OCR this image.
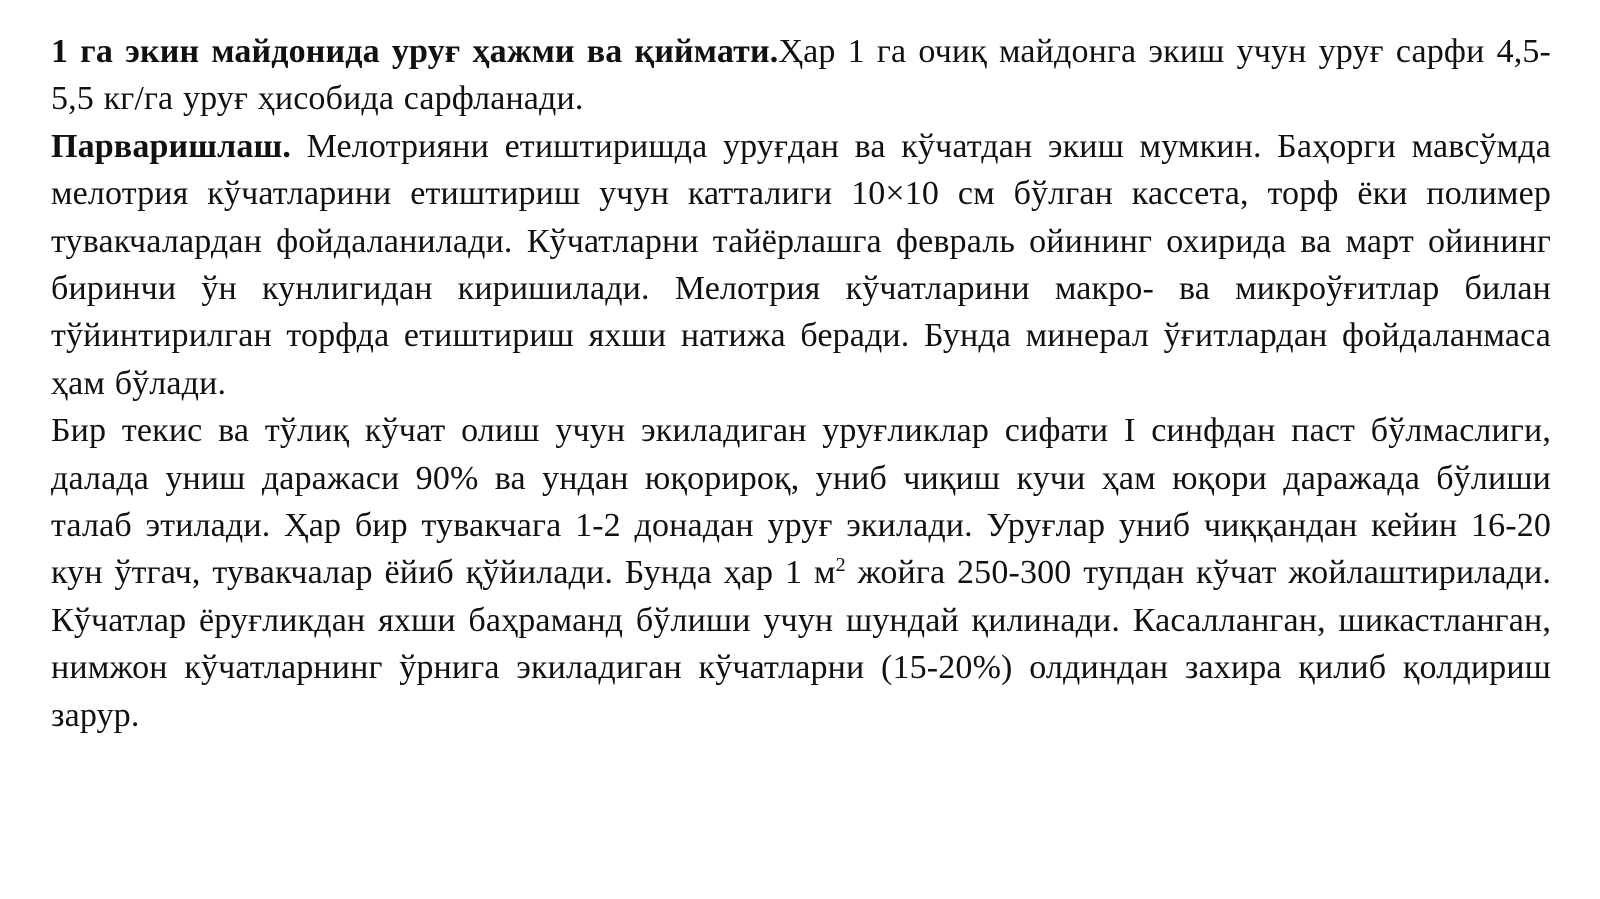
1 га экин майдонида уруғ ҳажми ва қиймати.Ҳар 1 га очиқ майдонга экиш учун уруғ сарфи 4,5-5,5 кг/га уруғ ҳисобида сарфланади.

Парваришлаш. Мелотрияни етиштиришда уруғдан ва кўчатдан экиш мумкин. Баҳорги мавсўмда мелотрия кўчатларини етиштириш учун катталиги 10×10 см бўлган кассета, торф ёки полимер тувакчалардан фойдаланилади. Кўчатларни тайёрлашга февраль ойининг охирида ва март ойининг биринчи ўн кунлигидан киришилади. Мелотрия кўчатларини макро- ва микроўғитлар билан тўйинтирилган торфда етиштириш яхши натижа беради. Бунда минерал ўғитлардан фойдаланмаса ҳам бўлади.

Бир текис ва тўлиқ кўчат олиш учун экиладиган уруғликлар сифати I синфдан паст бўлмаслиги, далада униш даражаси 90% ва ундан юқорироқ, униб чиқиш кучи ҳам юқори даражада бўлиши талаб этилади. Ҳар бир тувакчага 1-2 донадан уруғ экилади. Уруғлар униб чиққандан кейин 16-20 кун ўтгач, тувакчалар ёйиб қўйилади. Бунда ҳар 1 $м^2$ жойга 250-300 тупдан кўчат жойлаштирилади. Кўчатлар ёруғликдан яхши баҳраманд бўлиши учун шундай қилинади. Касалланган, шикастланган, нимжон кўчатларнинг ўрнига экиладиган кўчатларни (15-20%) олдиндан захира қилиб қолдириш зарур.
